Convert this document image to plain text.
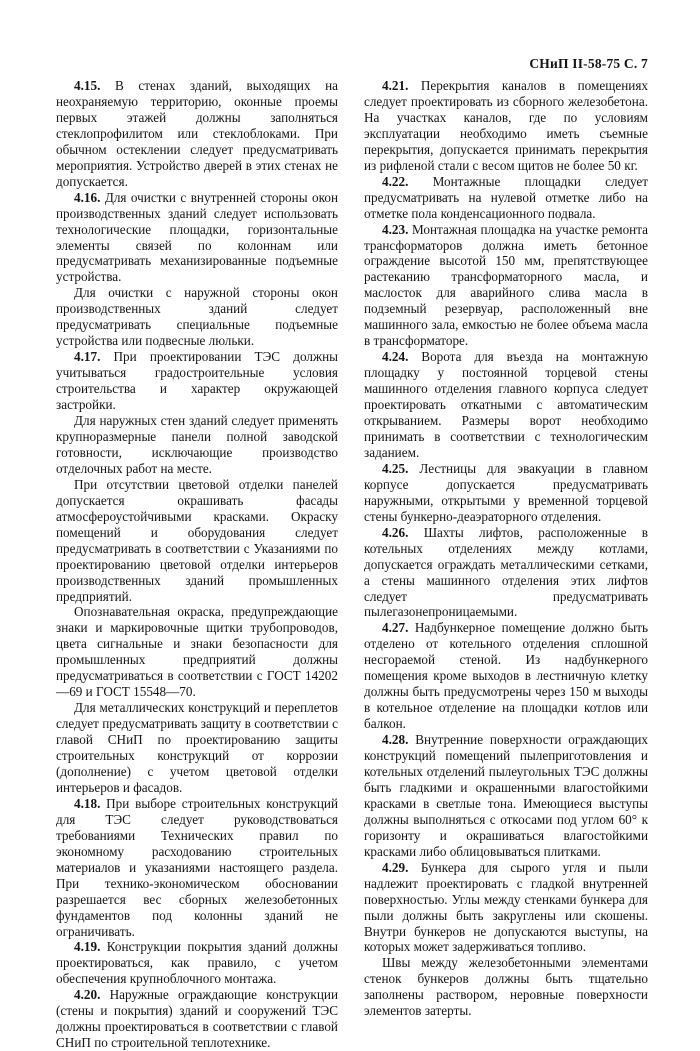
СНиП II-58-75 С. 7

4.15. В стенах зданий, выходящих на неохраняемую территорию, оконные проемы первых этажей должны заполняться стеклопрофилитом или стеклоблоками. При обычном остеклении следует предусматривать мероприятия. Устройство дверей в этих стенах не допускается.

4.16. Для очистки с внутренней стороны окон производственных зданий следует использовать технологические площадки, горизонтальные элементы связей по колоннам или предусматривать механизированные подъемные устройства.

Для очистки с наружной стороны окон производственных зданий следует предусматривать специальные подъемные устройства или подвесные люльки.

4.17. При проектировании ТЭС должны учитываться градостроительные условия строительства и характер окружающей застройки.

Для наружных стен зданий следует применять крупноразмерные панели полной заводской готовности, исключающие производство отделочных работ на месте.

При отсутствии цветовой отделки панелей допускается окрашивать фасады атмосфероустойчивыми красками. Окраску помещений и оборудования следует предусматривать в соответствии с Указаниями по проектированию цветовой отделки интерьеров производственных зданий промышленных предприятий.

Опознавательная окраска, предупреждающие знаки и маркировочные щитки трубопроводов, цвета сигнальные и знаки безопасности для промышленных предприятий должны предусматриваться в соответствии с ГОСТ 14202—69 и ГОСТ 15548—70.

Для металлических конструкций и переплетов следует предусматривать защиту в соответствии с главой СНиП по проектированию защиты строительных конструкций от коррозии (дополнение) с учетом цветовой отделки интерьеров и фасадов.

4.18. При выборе строительных конструкций для ТЭС следует руководствоваться требованиями Технических правил по экономному расходованию строительных материалов и указаниями настоящего раздела. При технико-экономическом обосновании разрешается вес сборных железобетонных фундаментов под колонны зданий не ограничивать.

4.19. Конструкции покрытия зданий должны проектироваться, как правило, с учетом обеспечения крупноблочного монтажа.

4.20. Наружные ограждающие конструкции (стены и покрытия) зданий и сооружений ТЭС должны проектироваться в соответствии с главой СНиП по строительной теплотехнике.

4.21. Перекрытия каналов в помещениях следует проектировать из сборного железобетона. На участках каналов, где по условиям эксплуатации необходимо иметь съемные перекрытия, допускается принимать перекрытия из рифленой стали с весом щитов не более 50 кг.

4.22. Монтажные площадки следует предусматривать на нулевой отметке либо на отметке пола конденсационного подвала.

4.23. Монтажная площадка на участке ремонта трансформаторов должна иметь бетонное ограждение высотой 150 мм, препятствующее растеканию трансформаторного масла, и маслосток для аварийного слива масла в подземный резервуар, расположенный вне машинного зала, емкостью не более объема масла в трансформаторе.

4.24. Ворота для въезда на монтажную площадку у постоянной торцевой стены машинного отделения главного корпуса следует проектировать откатными с автоматическим открыванием. Размеры ворот необходимо принимать в соответствии с технологическим заданием.

4.25. Лестницы для эвакуации в главном корпусе допускается предусматривать наружными, открытыми у временной торцевой стены бункерно-деаэраторного отделения.

4.26. Шахты лифтов, расположенные в котельных отделениях между котлами, допускается ограждать металлическими сетками, а стены машинного отделения этих лифтов следует предусматривать пылегазонепроницаемыми.

4.27. Надбункерное помещение должно быть отделено от котельного отделения сплошной несгораемой стеной. Из надбункерного помещения кроме выходов в лестничную клетку должны быть предусмотрены через 150 м выходы в котельное отделение на площадки котлов или балкон.

4.28. Внутренние поверхности ограждающих конструкций помещений пылеприготовления и котельных отделений пылеугольных ТЭС должны быть гладкими и окрашенными влагостойкими красками в светлые тона. Имеющиеся выступы должны выполняться с откосами под углом 60° к горизонту и окрашиваться влагостойкими красками либо облицовываться плитками.

4.29. Бункера для сырого угля и пыли надлежит проектировать с гладкой внутренней поверхностью. Углы между стенками бункера для пыли должны быть закруглены или скошены. Внутри бункеров не допускаются выступы, на которых может задерживаться топливо.

Швы между железобетонными элементами стенок бункеров должны быть тщательно заполнены раствором, неровные поверхности элементов затерты.
